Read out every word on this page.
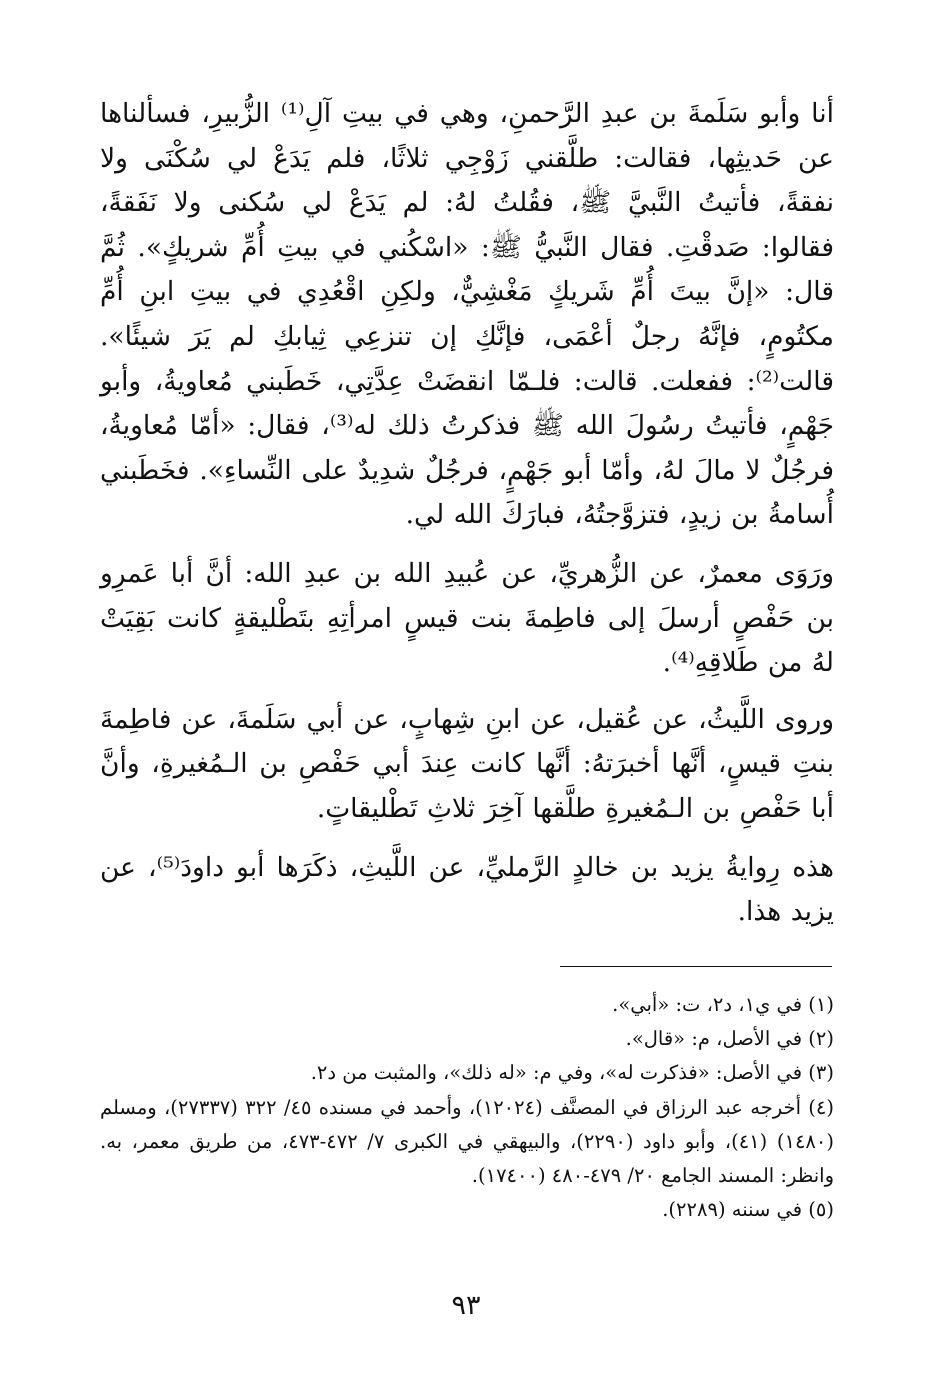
أنا وأبو سَلَمةَ بن عبدِ الرَّحمنِ، وهي في بيتِ آلِ⁽¹⁾ الزُّبيرِ، فسألناها عن حَديثِها، فقالت: طلَّقني زَوْجِي ثلاثًا، فلم يَدَعْ لي سُكْنَى ولا نفقةً، فأتيتُ النَّبيَّ ﷺ، فقُلتُ لهُ: لم يَدَعْ لي سُكنى ولا نَفَقةً، فقالوا: صَدقْتِ. فقال النَّبيُّ ﷺ: «اسْكُني في بيتِ أُمِّ شريكٍ». ثُمَّ قال: «إنَّ بيتَ أُمِّ شَريكٍ مَغْشِيٌّ، ولكِنِ اقْعُدِي في بيتِ ابنِ أُمِّ مكتُومٍ، فإنَّهُ رجلٌ أعْمَى، فإنَّكِ إن تنزعِي ثِيابكِ لم يَرَ شيئًا». قالت⁽²⁾: ففعلت. قالت: فلـمّا انقضَتْ عِدَّتِي، خَطَبني مُعاويةُ، وأبو جَهْمٍ، فأتيتُ رسُولَ الله ﷺ فذكرتُ ذلك له⁽³⁾، فقال: «أمّا مُعاويةُ، فرجُلٌ لا مالَ لهُ، وأمّا أبو جَهْمٍ، فرجُلٌ شدِيدٌ على النِّساءِ». فخَطَبني أُسامةُ بن زيدٍ، فتزوَّجتُهُ، فبارَكَ الله لي.

ورَوَى معمرٌ، عن الزُّهريِّ، عن عُبيدِ الله بن عبدِ الله: أنَّ أبا عَمرِو بن حَفْصٍ أرسلَ إلى فاطِمةَ بنت قيسٍ امرأتِهِ بتَطْليقةٍ كانت بَقِيَتْ لهُ من طَلاقِهِ⁽⁴⁾.

وروى اللَّيثُ، عن عُقيل، عن ابنِ شِهابٍ، عن أبي سَلَمةَ، عن فاطِمةَ بنتِ قيسٍ، أنَّها أخبرَتهُ: أنَّها كانت عِندَ أبي حَفْصِ بن الـمُغيرةِ، وأنَّ أبا حَفْصِ بن الـمُغيرةِ طلَّقها آخِرَ ثلاثِ تَطْليقاتٍ.

هذه رِوايةُ يزيد بن خالدٍ الرَّمليِّ، عن اللَّيثِ، ذكَرَها أبو داودَ⁽⁵⁾، عن يزيد هذا.

(١) في ي١، د٢، ت: «أبي».

(٢) في الأصل، م: «قال».

(٣) في الأصل: «فذكرت له»، وفي م: «له ذلك»، والمثبت من د٢.

(٤) أخرجه عبد الرزاق في المصنَّف (١٢٠٢٤)، وأحمد في مسنده ٤٥/ ٣٢٢ (٢٧٣٣٧)، ومسلم (١٤٨٠) (٤١)، وأبو داود (٢٢٩٠)، والبيهقي في الكبرى ٧/ ٤٧٢-٤٧٣، من طريق معمر، به. وانظر: المسند الجامع ٢٠/ ٤٧٩-٤٨٠ (١٧٤٠٠).

(٥) في سننه (٢٢٨٩).

٩٣
